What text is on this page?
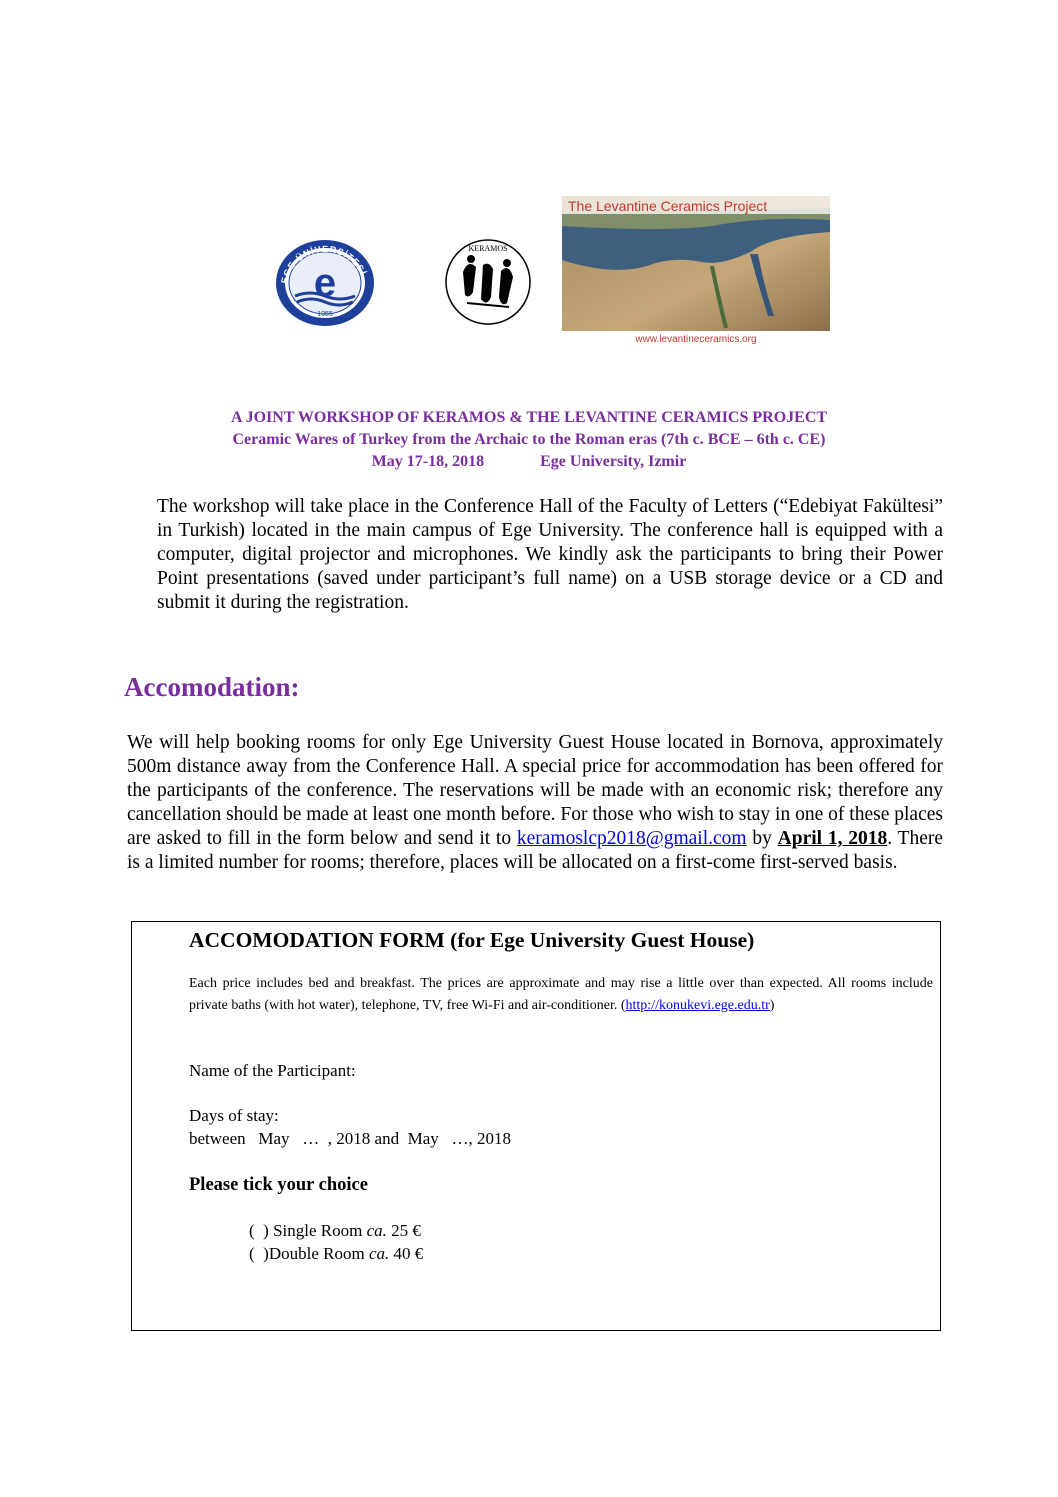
e
1955
EGE ÜNİVERSİTESİ
KERAMOS
The Levantine Ceramics Project
www.levantineceramics.org
A JOINT WORKSHOP OF KERAMOS & THE LEVANTINE CERAMICS PROJECT
Ceramic Wares of Turkey from the Archaic to the Roman eras (7th c. BCE – 6th c. CE)
May 17-18, 2018	Ege University, Izmir

The workshop will take place in the Conference Hall of the Faculty of Letters (“Edebiyat Fakültesi” in Turkish) located in the main campus of Ege University. The conference hall is equipped with a computer, digital projector and microphones. We kindly ask the participants to bring their Power Point presentations (saved under participant’s full name) on a USB storage device or a CD and submit it during the registration.

Accomodation:

We will help booking rooms for only Ege University Guest House located in Bornova, approximately 500m distance away from the Conference Hall. A special price for accommodation has been offered for the participants of the conference. The reservations will be made with an economic risk; therefore any cancellation should be made at least one month before. For those who wish to stay in one of these places are asked to fill in the form below and send it to keramoslcp2018@gmail.com by April 1, 2018. There is a limited number for rooms; therefore, places will be allocated on a first-come first-served basis.

ACCOMODATION FORM (for Ege University Guest House)

Each price includes bed and breakfast. The prices are approximate and may rise a little over than expected. All rooms include private baths (with hot water), telephone, TV, free Wi-Fi and air-conditioner. (http://konukevi.ege.edu.tr)

Name of the Participant:

Days of stay:

between   May   …  , 2018 and  May   …, 2018

Please tick your choice

(  ) Single Room ca. 25 €

(  )Double Room ca. 40 €
